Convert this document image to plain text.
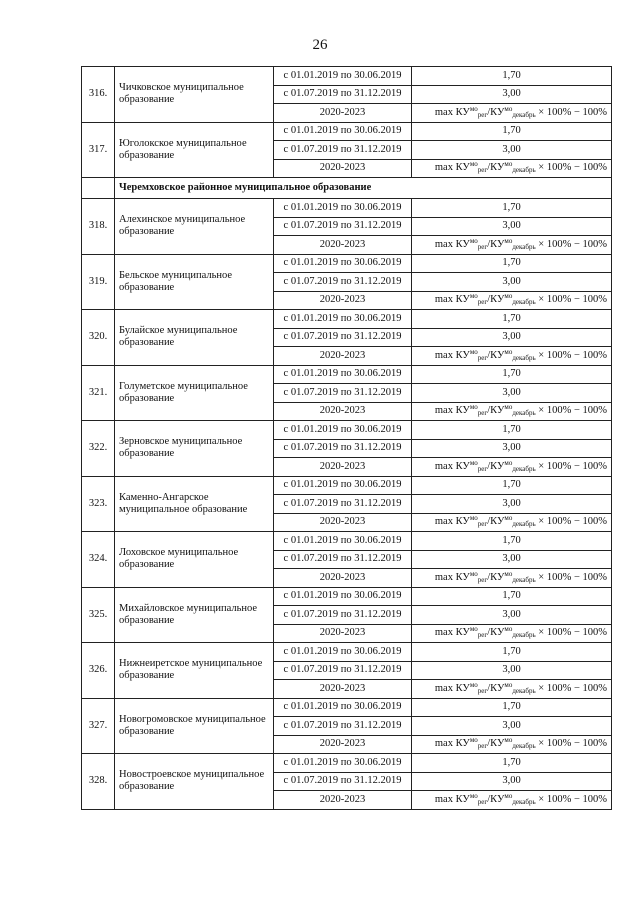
26
316.	Чичковское муниципальное образование	с 01.01.2019 по 30.06.2019	1,70
		с 01.07.2019 по 31.12.2019	3,00
		2020-2023	$\max КУ^{мо}_{рег}/КУ^{мо}_{декабрь} \times 100\% - 100\%$
317.	Юголокское муниципальное образование	с 01.01.2019 по 30.06.2019	1,70
		с 01.07.2019 по 31.12.2019	3,00
		2020-2023	$\max КУ^{мо}_{рег}/КУ^{мо}_{декабрь} \times 100\% - 100\%$
	Черемховское районное муниципальное образование		
318.	Алехинское муниципальное образование	с 01.01.2019 по 30.06.2019	1,70
		с 01.07.2019 по 31.12.2019	3,00
		2020-2023	$\max КУ^{мо}_{рег}/КУ^{мо}_{декабрь} \times 100\% - 100\%$
319.	Бельское муниципальное образование	с 01.01.2019 по 30.06.2019	1,70
		с 01.07.2019 по 31.12.2019	3,00
		2020-2023	$\max КУ^{мо}_{рег}/КУ^{мо}_{декабрь} \times 100\% - 100\%$
320.	Булайское муниципальное образование	с 01.01.2019 по 30.06.2019	1,70
		с 01.07.2019 по 31.12.2019	3,00
		2020-2023	$\max КУ^{мо}_{рег}/КУ^{мо}_{декабрь} \times 100\% - 100\%$
321.	Голуметское муниципальное образование	с 01.01.2019 по 30.06.2019	1,70
		с 01.07.2019 по 31.12.2019	3,00
		2020-2023	$\max КУ^{мо}_{рег}/КУ^{мо}_{декабрь} \times 100\% - 100\%$
322.	Зерновское муниципальное образование	с 01.01.2019 по 30.06.2019	1,70
		с 01.07.2019 по 31.12.2019	3,00
		2020-2023	$\max КУ^{мо}_{рег}/КУ^{мо}_{декабрь} \times 100\% - 100\%$
323.	Каменно-Ангарское муниципальное образование	с 01.01.2019 по 30.06.2019	1,70
		с 01.07.2019 по 31.12.2019	3,00
		2020-2023	$\max КУ^{мо}_{рег}/КУ^{мо}_{декабрь} \times 100\% - 100\%$
324.	Лоховское муниципальное образование	с 01.01.2019 по 30.06.2019	1,70
		с 01.07.2019 по 31.12.2019	3,00
		2020-2023	$\max КУ^{мо}_{рег}/КУ^{мо}_{декабрь} \times 100\% - 100\%$
325.	Михайловское муниципальное образование	с 01.01.2019 по 30.06.2019	1,70
		с 01.07.2019 по 31.12.2019	3,00
		2020-2023	$\max КУ^{мо}_{рег}/КУ^{мо}_{декабрь} \times 100\% - 100\%$
326.	Нижнеиретское муниципальное образование	с 01.01.2019 по 30.06.2019	1,70
		с 01.07.2019 по 31.12.2019	3,00
		2020-2023	$\max КУ^{мо}_{рег}/КУ^{мо}_{декабрь} \times 100\% - 100\%$
327.	Новогромовское муниципальное образование	с 01.01.2019 по 30.06.2019	1,70
		с 01.07.2019 по 31.12.2019	3,00
		2020-2023	$\max КУ^{мо}_{рег}/КУ^{мо}_{декабрь} \times 100\% - 100\%$
328.	Новостроевское муниципальное образование	с 01.01.2019 по 30.06.2019	1,70
		с 01.07.2019 по 31.12.2019	3,00
		2020-2023	$\max КУ^{мо}_{рег}/КУ^{мо}_{декабрь} \times 100\% - 100\%$
